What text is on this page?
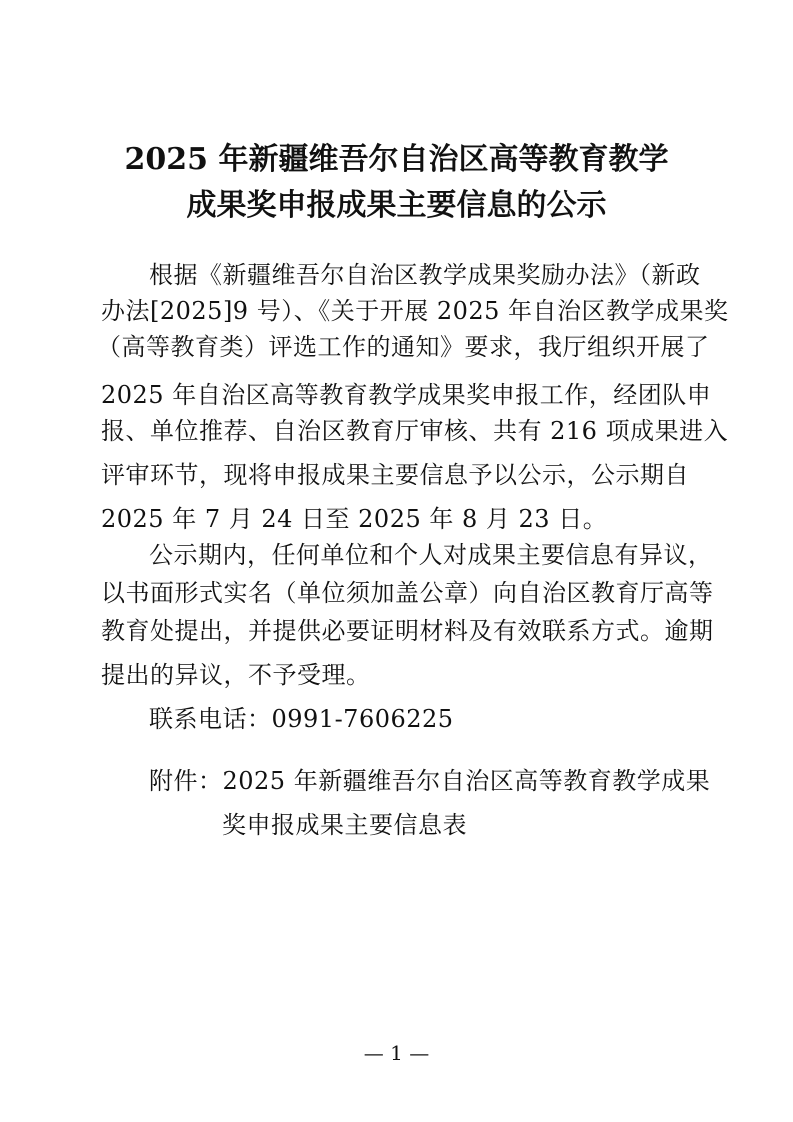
2025 年新疆维吾尔自治区高等教育教学
成果奖申报成果主要信息的公示
根据《新疆维吾尔自治区教学成果奖励办法》（新政
办法[2025]9 号）、《关于开展 2025 年自治区教学成果奖
（高等教育类）评选工作的通知》要求，我厅组织开展了
2025 年自治区高等教育教学成果奖申报工作，经团队申
报、单位推荐、自治区教育厅审核、共有 216 项成果进入
评审环节，现将申报成果主要信息予以公示，公示期自
2025 年 7 月 24 日至 2025 年 8 月 23 日。
公示期内，任何单位和个人对成果主要信息有异议，
以书面形式实名（单位须加盖公章）向自治区教育厅高等
教育处提出，并提供必要证明材料及有效联系方式。逾期
提出的异议，不予受理。
联系电话：0991-7606225
附件：2025 年新疆维吾尔自治区高等教育教学成果
奖申报成果主要信息表
— 1 —
